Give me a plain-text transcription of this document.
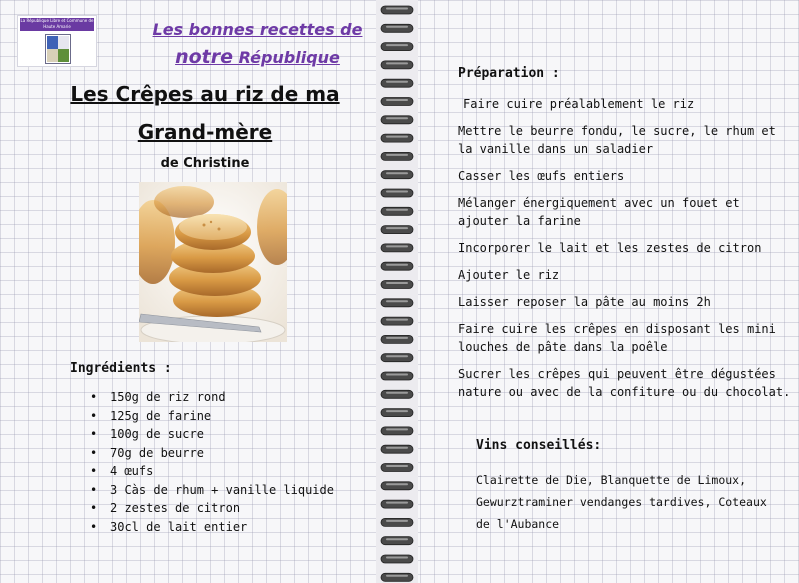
La République Libre et Commune de Haute Amarie	Les bonnes recettes de
notre République
Les Crêpes au riz de ma
Grand-mère
de Christine
Ingrédients :
• 150g de riz rond
• 125g de farine
• 100g de sucre
• 70g de beurre
• 4 œufs
• 3 Càs de rhum + vanille liquide
• 2 zestes de citron
• 30cl de lait entier
Préparation :

Faire cuire préalablement le riz

Mettre le beurre fondu, le sucre, le rhum et la vanille dans un saladier

Casser les œufs entiers

Mélanger énergiquement avec un fouet et ajouter la farine

Incorporer le lait et les zestes de citron

Ajouter le riz

Laisser reposer la pâte au moins 2h

Faire cuire les crêpes en disposant les mini louches de pâte dans la poêle

Sucrer les crêpes qui peuvent être dégustées nature ou avec de la confiture ou du chocolat.

Vins conseillés:
Clairette de Die, Blanquette de Limoux, Gewurztraminer vendanges tardives, Coteaux de l'Aubance
